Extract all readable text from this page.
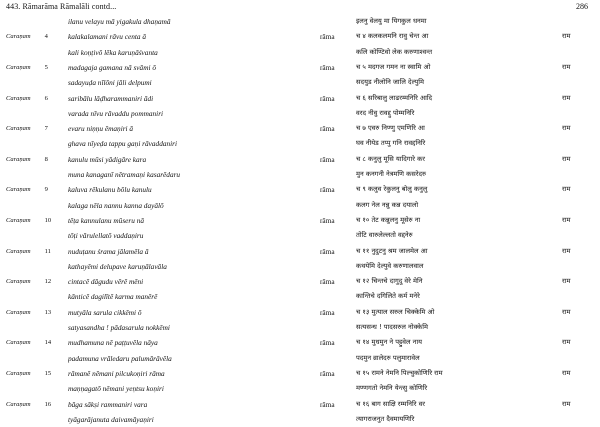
443. Rāmarāma Rāmalāli contd...	286
ilanu velayu mā yigakula dhaṇamā	इलनु वेलयु मा यिगकुल धनमा
Caraṇam 4	kalakalamani rāvu centa ā	rāma	च ४ कलकलमनि रावु चेन्त आ	राम
kali koṇṭivō lēka karuṇāśvanta	कलि कोण्टिवो लेक करुणाश्वन्त
Caraṇam 5	madagaja gamana nā svāmi ō	rāma	च ५ मदगज गमन ना स्वामि ओ	राम
sadayuḍa nīlōni jāli delpumi	सदयुड नीलोनि जालि देल्पुमि
Caraṇam 6	saribālu lāḍharammaniri ādi	rāma	च ६ सरिबालु लाढरम्मनिरि आदि	राम
varada nīvu rāvaddu pommaniri	वरद नीवु रावद्दु पोम्मनिरि
Caraṇam 7	evaru niṇṇu ēmaṇiri ā	rāma	च ७ एवरु निण्णु एमणिरि आ	राम
ghava nīyeḍa tappu gaṇi rāvaddaniri	घव नीयेड तप्पु गनि रावद्दनिरि
Caraṇam 8	kanulu mūsi yādigāre kara	rāma	च ८ कनुलु मूसि यादिगारे कर	राम
muna kanaganī nētramaṇi kasarēdaru	मुन कनगनी नेत्रमणि कसरेदरु
Caraṇam 9	kaluva rēkulanu bōlu kanulu	rāma	च ९ कलुव रेकुलनु बोलु कनुलु	राम
kalaga nēla nannu kanna dayālō	कलग नेल नन्नु कन्न दयालो
Caraṇam 10	tēṭa kannulanu mūseru nā	rāma	च १० तेट कन्नुलनु मूसेरु ना	राम
tōṭi vārulellatō vaddaṇiru	तोटि वारुलेल्लतो वद्दनेरु
Caraṇam 11	nuduṭanu śrama jālamēla ā	rāma	च ११ नुदुटनु श्रम जालमेल आ	राम
kathayēmi delupave karuṇālavāla	कथयेमि देल्पुवे करुणालवाल
Caraṇam 12	cintacē dāgudu vērē mēni	rāma	च १२ चिन्तचे दागुदु वेरे मेनि	राम
kānticē dagilītē karma manērē	कान्तिचे दगिलिते कर्म मनेरे
Caraṇam 13	mutyāla sarula cikkēmi ō	rāma	च १३ मुत्याल सरुल चिक्केमि ओ	राम
satyasandha ! pādasarula nokkēmi	सत्यसन्ध ! पादसरुल नोक्केमि
Caraṇam 14	mudhamuna nē paṭṭuvēla nāya	rāma	च १४ मुधमुन ने पट्टुवेल नाय	राम
padamuna vrāledaru palumārāvēla	पदमुन व्रालेदरु पलुमारावेल
Caraṇam 15	rāmanē nēmani pilcukoṇiri rāma	rāma	च १५ रामने नेमनि पिल्चुकोणिरि राम	राम
maṇṇagatō nēmani yeṇtsu koṇiri	मण्णगतो नेमनि येन्त्सु कोणिरि
Caraṇam 16	bāga sākṣi rammaniri vara	rāma	च १६ बाग साक्षि रम्मनिरि वर	राम
tyāgarājanuta daivamāyaṇiri	त्यागराजनुत दैवमायणिरि
